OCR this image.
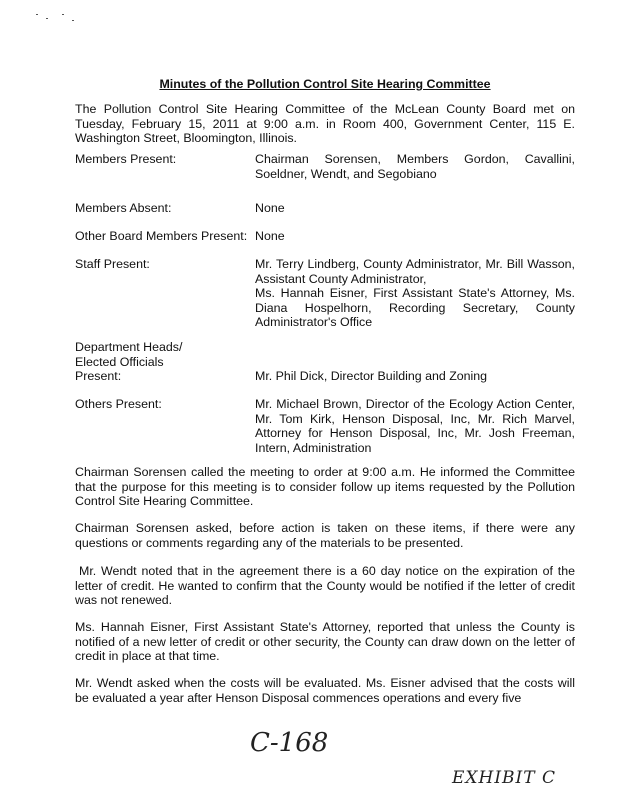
Minutes of the Pollution Control Site Hearing Committee
The Pollution Control Site Hearing Committee of the McLean County Board met on Tuesday, February 15, 2011 at 9:00 a.m. in Room 400, Government Center, 115 E. Washington Street, Bloomington, Illinois.
Members Present:	Chairman Sorensen, Members Gordon, Cavallini, Soeldner, Wendt, and Segobiano
Members Absent:	None
Other Board Members Present: None
Staff Present:	Mr. Terry Lindberg, County Administrator, Mr. Bill Wasson, Assistant County Administrator,
Ms. Hannah Eisner, First Assistant State's Attorney, Ms. Diana Hospelhorn, Recording Secretary, County Administrator's Office
Department Heads/
Elected Officials
Present:	Mr. Phil Dick, Director Building and Zoning
Others Present:	Mr. Michael Brown, Director of the Ecology Action Center, Mr. Tom Kirk, Henson Disposal, Inc, Mr. Rich Marvel, Attorney for Henson Disposal, Inc, Mr. Josh Freeman, Intern, Administration
Chairman Sorensen called the meeting to order at 9:00 a.m. He informed the Committee that the purpose for this meeting is to consider follow up items requested by the Pollution Control Site Hearing Committee.
Chairman Sorensen asked, before action is taken on these items, if there were any questions or comments regarding any of the materials to be presented.
Mr. Wendt noted that in the agreement there is a 60 day notice on the expiration of the letter of credit. He wanted to confirm that the County would be notified if the letter of credit was not renewed.
Ms. Hannah Eisner, First Assistant State's Attorney, reported that unless the County is notified of a new letter of credit or other security, the County can draw down on the letter of credit in place at that time.
Mr. Wendt asked when the costs will be evaluated. Ms. Eisner advised that the costs will be evaluated a year after Henson Disposal commences operations and every five
C-168
EXHIBIT C
